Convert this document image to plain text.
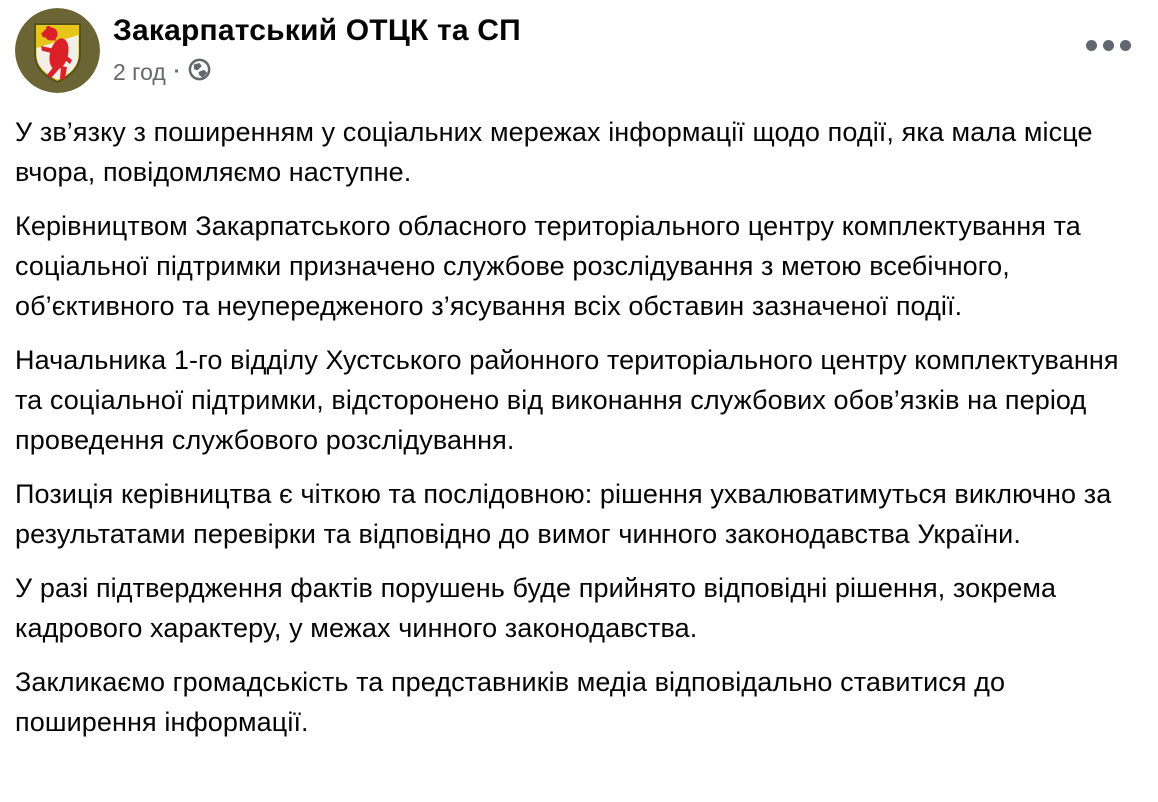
Закарпатський ОТЦК та СП
2 год ·

У зв’язку з поширенням у соціальних мережах інформації щодо події, яка мала місце вчора, повідомляємо наступне.

Керівництвом Закарпатського обласного територіального центру комплектування та соціальної підтримки призначено службове розслідування з метою всебічного, об’єктивного та неупередженого з’ясування всіх обставин зазначеної події.

Начальника 1-го відділу Хустського районного територіального центру комплектування та соціальної підтримки, відсторонено від виконання службових обов’язків на період проведення службового розслідування.

Позиція керівництва є чіткою та послідовною: рішення ухвалюватимуться виключно за результатами перевірки та відповідно до вимог чинного законодавства України.

У разі підтвердження фактів порушень буде прийнято відповідні рішення, зокрема кадрового характеру, у межах чинного законодавства.

Закликаємо громадськість та представників медіа відповідально ставитися до поширення інформації.
